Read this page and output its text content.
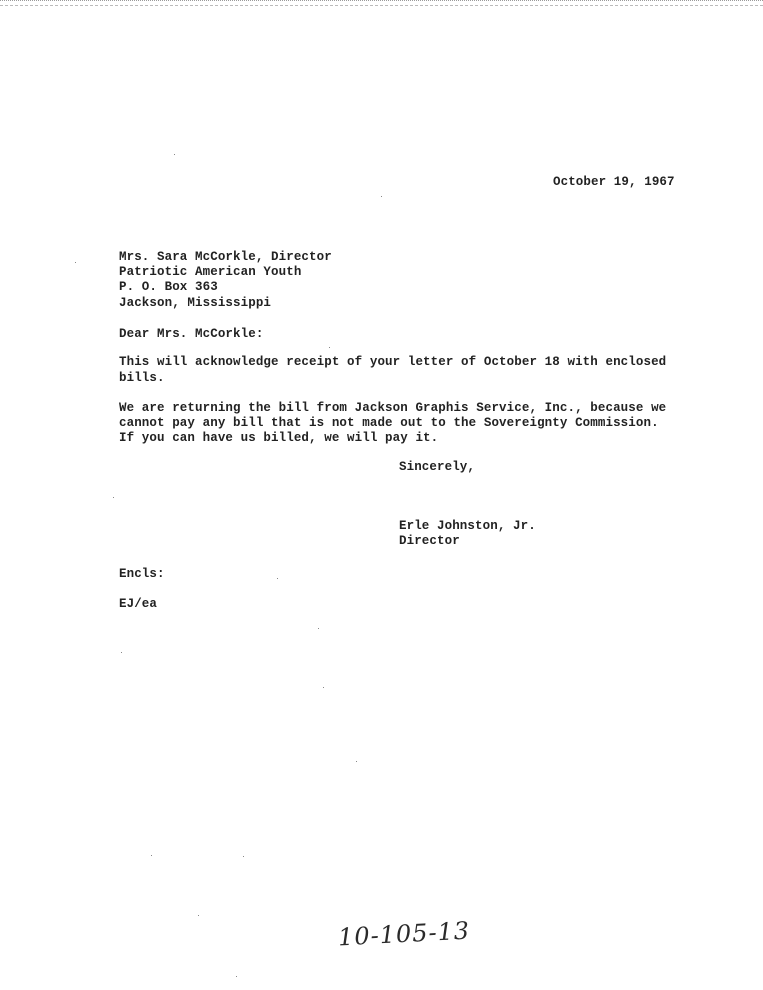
October 19, 1967
Mrs. Sara McCorkle, Director
Patriotic American Youth
P. O. Box 363
Jackson, Mississippi
Dear Mrs. McCorkle:
This will acknowledge receipt of your letter of October 18 with enclosed
bills.
We are returning the bill from Jackson Graphis Service, Inc., because we
cannot pay any bill that is not made out to the Sovereignty Commission.
If you can have us billed, we will pay it.
Sincerely,
Erle Johnston, Jr.
Director
Encls:
EJ/ea
10-105-13
